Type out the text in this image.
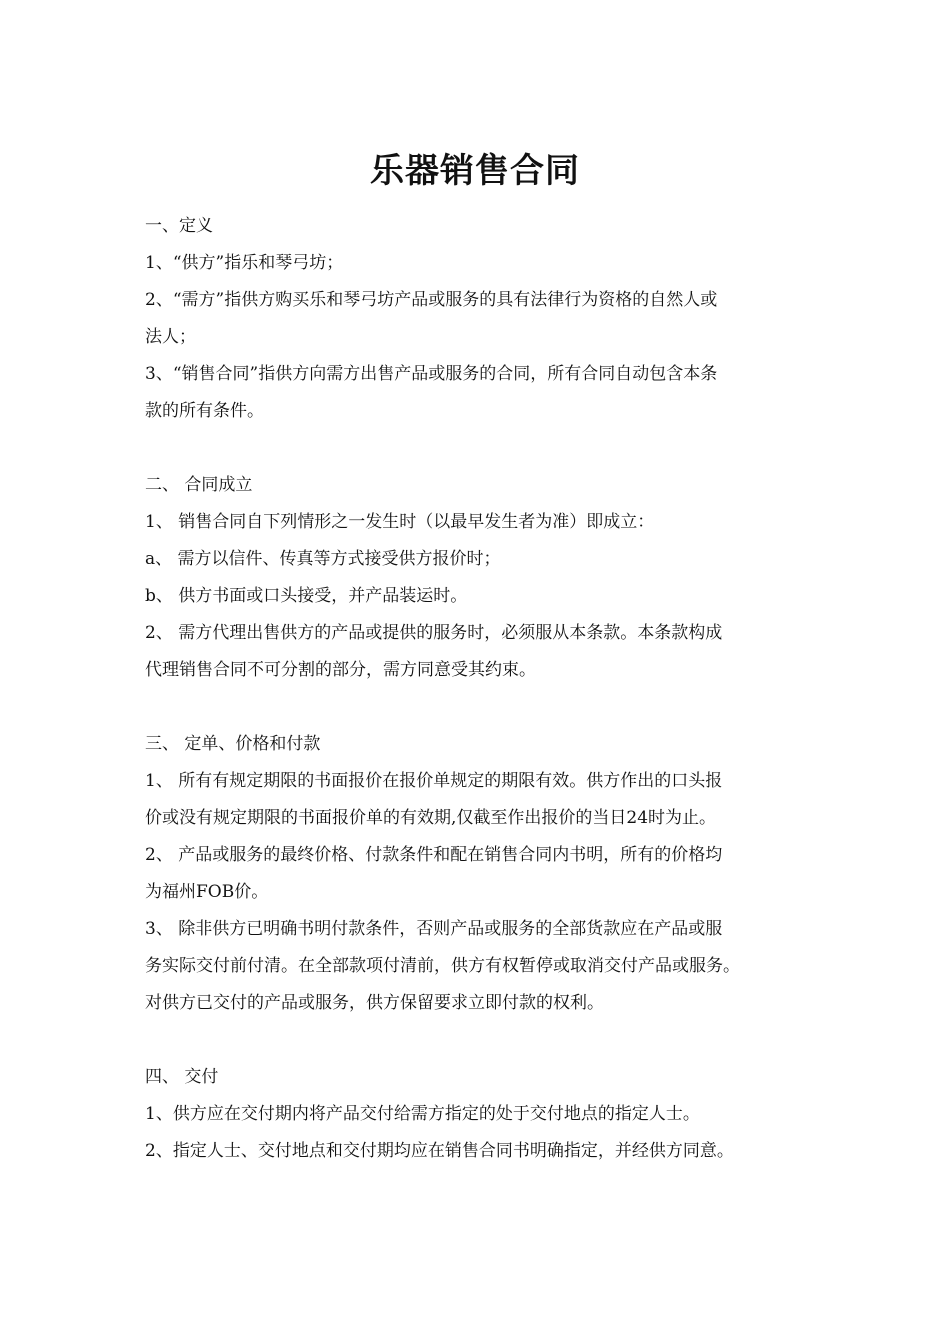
乐器销售合同

一、定义

1、“供方”指乐和琴弓坊；

2、“需方”指供方购买乐和琴弓坊产品或服务的具有法律行为资格的自然人或

法人；

3、“销售合同”指供方向需方出售产品或服务的合同，所有合同自动包含本条

款的所有条件。

二、 合同成立

1、 销售合同自下列情形之一发生时（以最早发生者为准）即成立：

a、 需方以信件、传真等方式接受供方报价时；

b、 供方书面或口头接受，并产品装运时。

2、 需方代理出售供方的产品或提供的服务时，必须服从本条款。本条款构成

代理销售合同不可分割的部分，需方同意受其约束。

三、 定单、价格和付款

1、 所有有规定期限的书面报价在报价单规定的期限有效。供方作出的口头报

价或没有规定期限的书面报价单的有效期,仅截至作出报价的当日24时为止。

2、 产品或服务的最终价格、付款条件和配在销售合同内书明，所有的价格均

为福州FOB价。

3、 除非供方已明确书明付款条件，否则产品或服务的全部货款应在产品或服

务实际交付前付清。在全部款项付清前，供方有权暂停或取消交付产品或服务。

对供方已交付的产品或服务，供方保留要求立即付款的权利。

四、 交付

1、供方应在交付期内将产品交付给需方指定的处于交付地点的指定人士。

2、指定人士、交付地点和交付期均应在销售合同书明确指定，并经供方同意。
